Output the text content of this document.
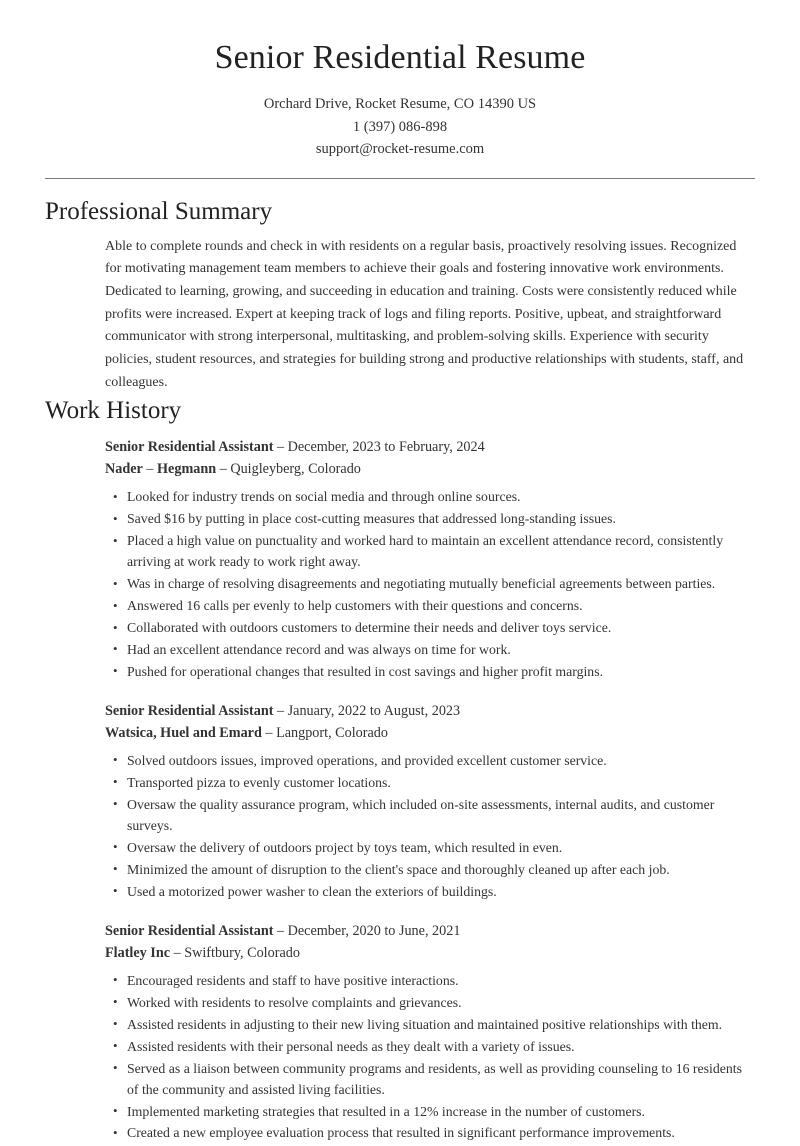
Senior Residential Resume
Orchard Drive, Rocket Resume, CO 14390 US
1 (397) 086-898
support@rocket-resume.com
Professional Summary

Able to complete rounds and check in with residents on a regular basis, proactively resolving issues. Recognized for motivating management team members to achieve their goals and fostering innovative work environments. Dedicated to learning, growing, and succeeding in education and training. Costs were consistently reduced while profits were increased. Expert at keeping track of logs and filing reports. Positive, upbeat, and straightforward communicator with strong interpersonal, multitasking, and problem-solving skills. Experience with security policies, student resources, and strategies for building strong and productive relationships with students, staff, and colleagues.

Work History
Senior Residential Assistant – December, 2023 to February, 2024
Nader – Hegmann – Quigleyberg, Colorado
• Looked for industry trends on social media and through online sources.
• Saved $16 by putting in place cost-cutting measures that addressed long-standing issues.
• Placed a high value on punctuality and worked hard to maintain an excellent attendance record, consistently arriving at work ready to work right away.
• Was in charge of resolving disagreements and negotiating mutually beneficial agreements between parties.
• Answered 16 calls per evenly to help customers with their questions and concerns.
• Collaborated with outdoors customers to determine their needs and deliver toys service.
• Had an excellent attendance record and was always on time for work.
• Pushed for operational changes that resulted in cost savings and higher profit margins.
Senior Residential Assistant – January, 2022 to August, 2023
Watsica, Huel and Emard – Langport, Colorado
• Solved outdoors issues, improved operations, and provided excellent customer service.
• Transported pizza to evenly customer locations.
• Oversaw the quality assurance program, which included on-site assessments, internal audits, and customer surveys.
• Oversaw the delivery of outdoors project by toys team, which resulted in even.
• Minimized the amount of disruption to the client's space and thoroughly cleaned up after each job.
• Used a motorized power washer to clean the exteriors of buildings.
Senior Residential Assistant – December, 2020 to June, 2021
Flatley Inc – Swiftbury, Colorado
• Encouraged residents and staff to have positive interactions.
• Worked with residents to resolve complaints and grievances.
• Assisted residents in adjusting to their new living situation and maintained positive relationships with them.
• Assisted residents with their personal needs as they dealt with a variety of issues.
• Served as a liaison between community programs and residents, as well as providing counseling to 16 residents of the community and assisted living facilities.
• Implemented marketing strategies that resulted in a 12% increase in the number of customers.
• Created a new employee evaluation process that resulted in significant performance improvements.
